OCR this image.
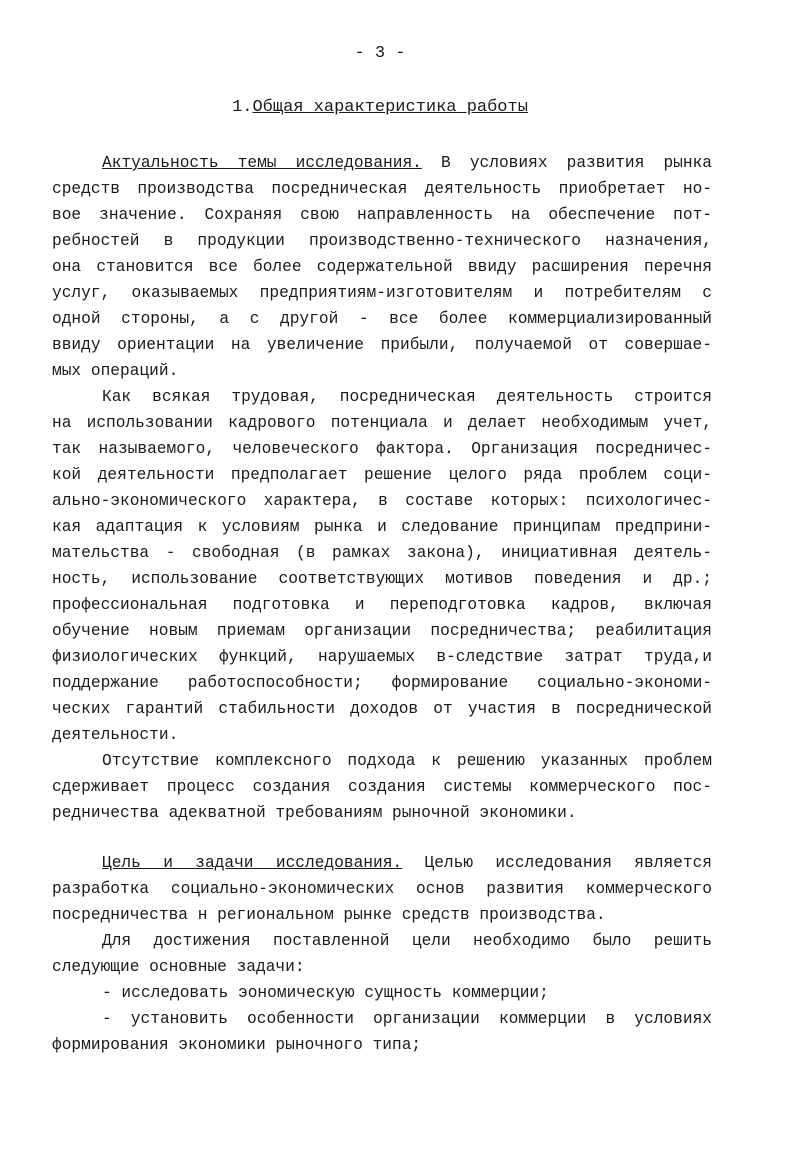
- 3 -
1.Общая характеристика работы
Актуальность темы исследования. В условиях развития рынка
средств производства посредническая деятельность приобретает но-
вое значение. Сохраняя свою направленность на обеспечение пот-
ребностей в продукции производственно-технического назначения,
она становится все более содержательной ввиду расширения перечня
услуг, оказываемых предприятиям-изготовителям и потребителям с
одной стороны, а с другой - все более коммерциализированный
ввиду ориентации на увеличение прибыли, получаемой от совершае-
мых операций.
Как всякая трудовая, посредническая деятельность строится
на использовании кадрового потенциала и делает необходимым учет,
так называемого, человеческого фактора. Организация посредничес-
кой деятельности предполагает решение целого ряда проблем соци-
ально-экономического характера, в составе которых: психологичес-
кая адаптация к условиям рынка и следование принципам предприни-
мательства - свободная (в рамках закона), инициативная деятель-
ность, использование соответствующих мотивов поведения и др.;
профессиональная подготовка и переподготовка кадров, включая
обучение новым приемам организации посредничества; реабилитация
физиологических функций, нарушаемых в-следствие затрат труда,и
поддержание работоспособности; формирование социально-экономи-
ческих гарантий стабильности доходов от участия в посреднической
деятельности.
Отсутствие комплексного подхода к решению указанных проблем
сдерживает процесс создания создания системы коммерческого пос-
редничества адекватной требованиям рыночной экономики.
Цель и задачи исследования. Целью исследования является
разработка социально-экономических основ развития коммерческого
посредничества н региональном рынке средств производства.
Для достижения поставленной цели необходимо было решить
следующие основные задачи:
- исследовать эономическую сущность коммерции;
- установить особенности организации коммерции в условиях
формирования экономики рыночного типа;
